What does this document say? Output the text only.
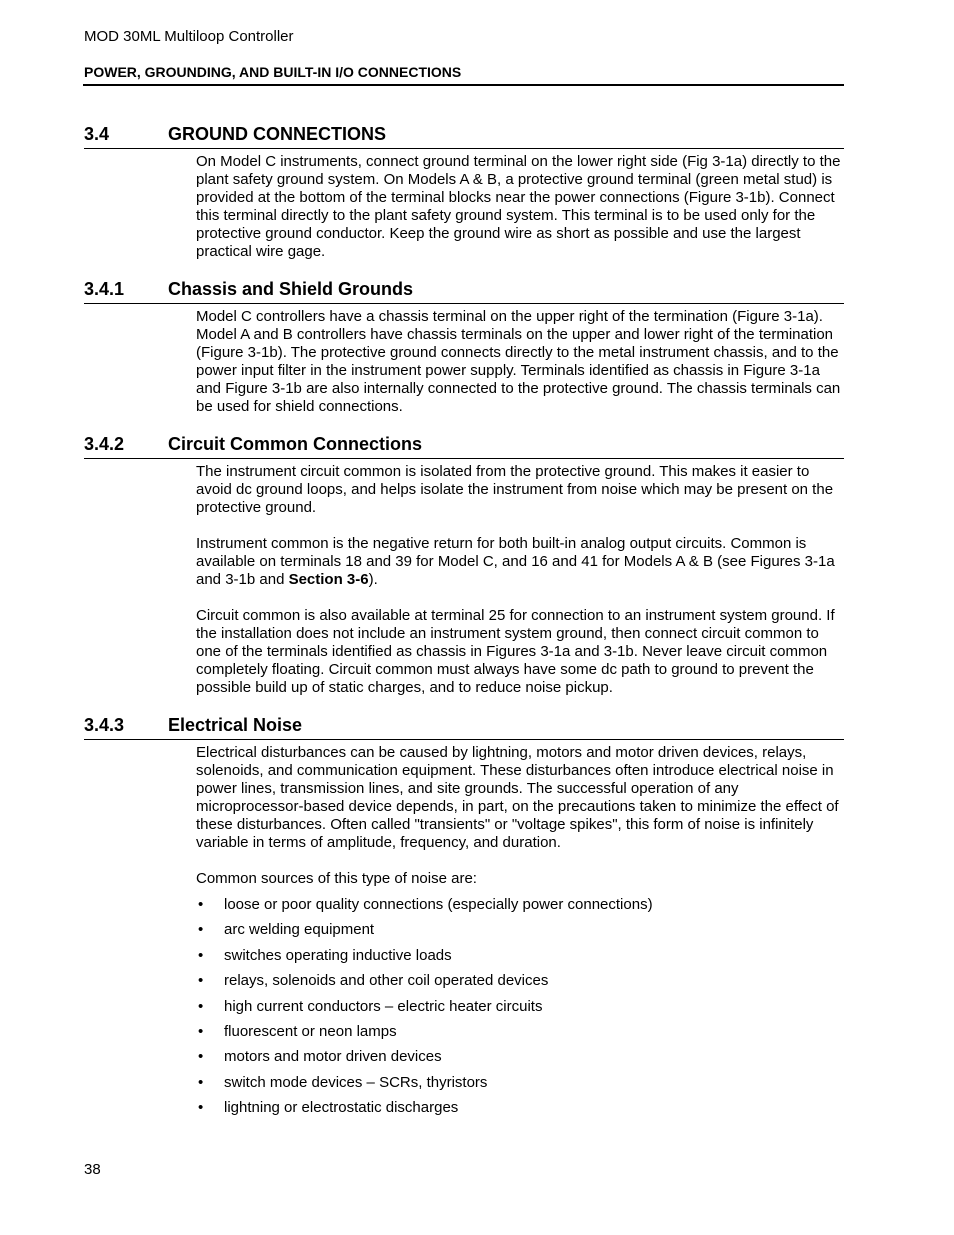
MOD 30ML Multiloop Controller
POWER, GROUNDING, AND BUILT-IN I/O CONNECTIONS
3.4	GROUND CONNECTIONS

On Model C instruments, connect ground terminal on the lower right side (Fig 3-1a) directly to the plant safety ground system. On Models A & B, a protective ground terminal (green metal stud) is provided at the bottom of the terminal blocks near the power connections (Figure 3-1b). Connect this terminal directly to the plant safety ground system. This terminal is to be used only for the protective ground conductor. Keep the ground wire as short as possible and use the largest practical wire gage.

3.4.1 Chassis and Shield Grounds

Model C controllers have a chassis terminal on the upper right of the termination (Figure 3-1a). Model A and B controllers have chassis terminals on the upper and lower right of the termination (Figure 3-1b). The protective ground connects directly to the metal instrument chassis, and to the power input filter in the instrument power supply. Terminals identified as chassis in Figure 3-1a and Figure 3-1b are also internally connected to the protective ground. The chassis terminals can be used for shield connections.

3.4.2 Circuit Common Connections

The instrument circuit common is isolated from the protective ground. This makes it easier to avoid dc ground loops, and helps isolate the instrument from noise which may be present on the protective ground.

Instrument common is the negative return for both built-in analog output circuits. Common is available on terminals 18 and 39 for Model C, and 16 and 41 for Models A & B (see Figures 3-1a and 3-1b and Section 3-6).

Circuit common is also available at terminal 25 for connection to an instrument system ground. If the installation does not include an instrument system ground, then connect circuit common to one of the terminals identified as chassis in Figures 3-1a and 3-1b. Never leave circuit common completely floating. Circuit common must always have some dc path to ground to prevent the possible build up of static charges, and to reduce noise pickup.

3.4.3 Electrical Noise

Electrical disturbances can be caused by lightning, motors and motor driven devices, relays, solenoids, and communication equipment. These disturbances often introduce electrical noise in power lines, transmission lines, and site grounds. The successful operation of any microprocessor-based device depends, in part, on the precautions taken to minimize the effect of these disturbances. Often called "transients" or "voltage spikes", this form of noise is infinitely variable in terms of amplitude, frequency, and duration.

Common sources of this type of noise are:

• loose or poor quality connections (especially power connections)
• arc welding equipment
• switches operating inductive loads
• relays, solenoids and other coil operated devices
• high current conductors – electric heater circuits
• fluorescent or neon lamps
• motors and motor driven devices
• switch mode devices – SCRs, thyristors
• lightning or electrostatic discharges
38
